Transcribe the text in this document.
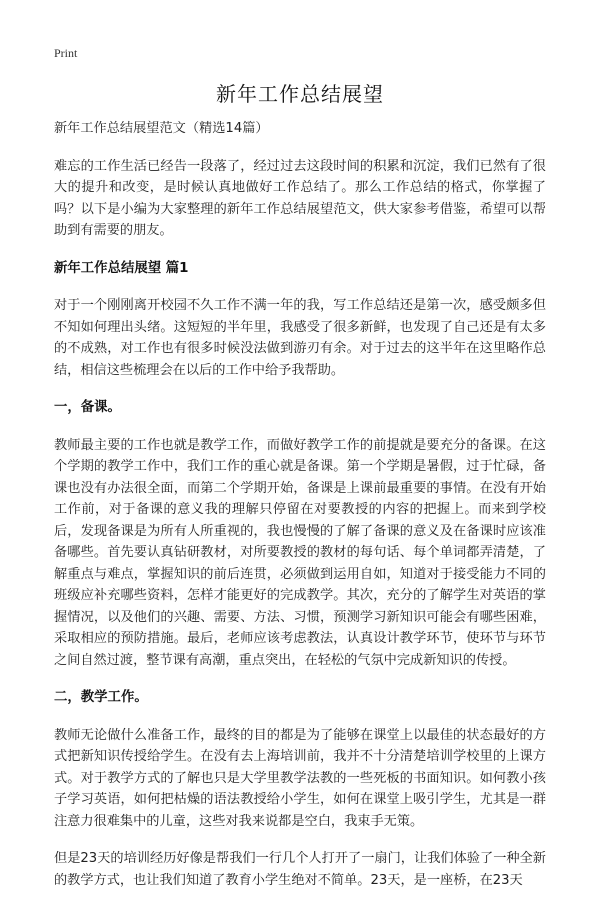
Print
新年工作总结展望

新年工作总结展望范文（精选14篇）

难忘的工作生活已经告一段落了，经过过去这段时间的积累和沉淀，我们已然有了很大的提升和改变，是时候认真地做好工作总结了。那么工作总结的格式，你掌握了吗？以下是小编为大家整理的新年工作总结展望范文，供大家参考借鉴，希望可以帮助到有需要的朋友。

新年工作总结展望 篇1

对于一个刚刚离开校园不久工作不满一年的我，写工作总结还是第一次，感受颇多但不知如何理出头绪。这短短的半年里，我感受了很多新鲜，也发现了自己还是有太多的不成熟，对工作也有很多时候没法做到游刃有余。对于过去的这半年在这里略作总结，相信这些梳理会在以后的工作中给予我帮助。

一，备课。

教师最主要的工作也就是教学工作，而做好教学工作的前提就是要充分的备课。在这个学期的教学工作中，我们工作的重心就是备课。第一个学期是暑假，过于忙碌，备课也没有办法很全面，而第二个学期开始，备课是上课前最重要的事情。在没有开始工作前，对于备课的意义我的理解只停留在对要教授的内容的把握上。而来到学校后，发现备课是为所有人所重视的，我也慢慢的了解了备课的意义及在备课时应该准备哪些。首先要认真钻研教材，对所要教授的教材的每句话、每个单词都弄清楚，了解重点与难点，掌握知识的前后连贯，必须做到运用自如，知道对于接受能力不同的班级应补充哪些资料，怎样才能更好的完成教学。其次，充分的了解学生对英语的掌握情况，以及他们的兴趣、需要、方法、习惯，预测学习新知识可能会有哪些困难，采取相应的预防措施。最后，老师应该考虑教法，认真设计教学环节，使环节与环节之间自然过渡，整节课有高潮，重点突出，在轻松的气氛中完成新知识的传授。

二，教学工作。

教师无论做什么准备工作，最终的目的都是为了能够在课堂上以最佳的状态最好的方式把新知识传授给学生。在没有去上海培训前，我并不十分清楚培训学校里的上课方式。对于教学方式的了解也只是大学里教学法教的一些死板的书面知识。如何教小孩子学习英语，如何把枯燥的语法教授给小学生，如何在课堂上吸引学生，尤其是一群注意力很难集中的儿童，这些对我来说都是空白，我束手无策。

但是23天的培训经历好像是帮我们一行几个人打开了一扇门，让我们体验了一种全新的教学方式，也让我们知道了教育小学生绝对不简单。23天，是一座桥，在23天
